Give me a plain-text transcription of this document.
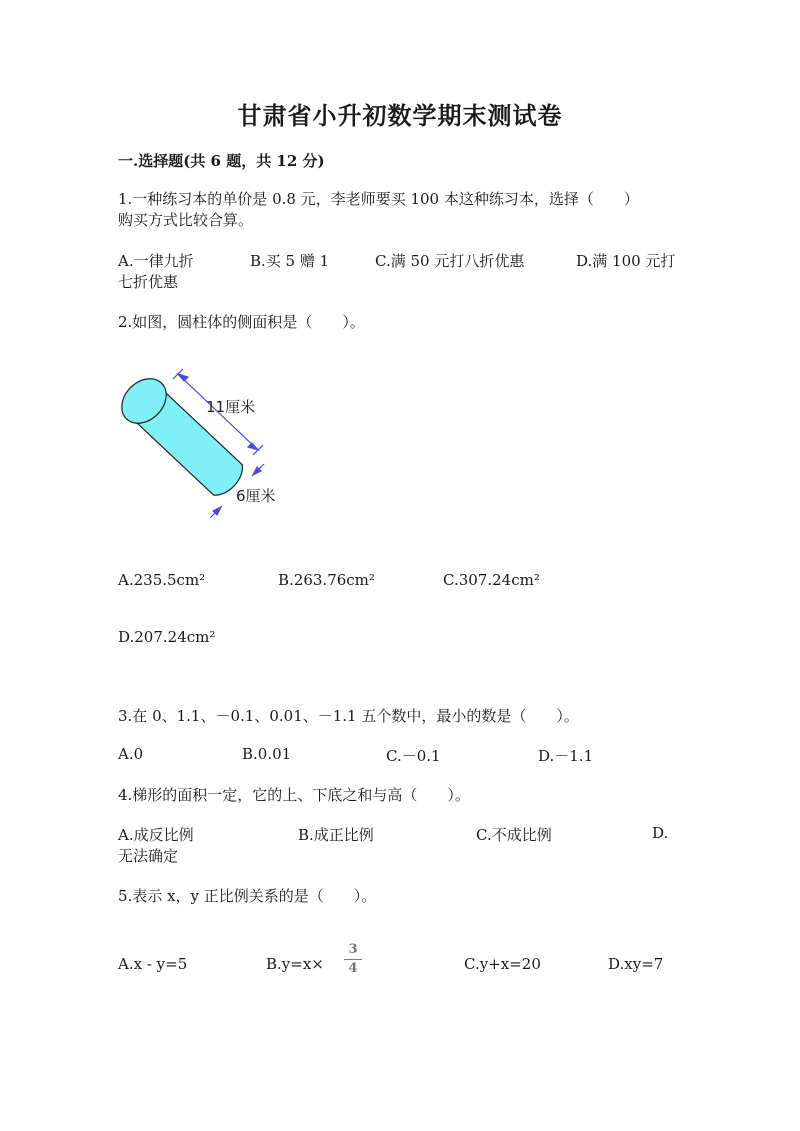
甘肃省小升初数学期末测试卷
一.选择题(共 6 题，共 12 分)
1.一种练习本的单价是 0.8 元，李老师要买 100 本这种练习本，选择（　　）
购买方式比较合算。
A.一律九折	B.买 5 赠 1	C.满 50 元打八折优惠	D.满 100 元打
七折优惠
2.如图，圆柱体的侧面积是（　　）。
11厘米
6厘米
A.235.5cm²	B.263.76cm²	C.307.24cm²
D.207.24cm²
3.在 0、1.1、－0.1、0.01、－1.1 五个数中，最小的数是（　　）。
A.0	B.0.01	C.－0.1	D.－1.1
4.梯形的面积一定，它的上、下底之和与高（　　）。
A.成反比例	B.成正比例	C.不成比例	D.
无法确定
5.表示 x，y 正比例关系的是（　　）。
A.x - y=5	B.y=x×
3
4	C.y+x=20	D.xy=7
